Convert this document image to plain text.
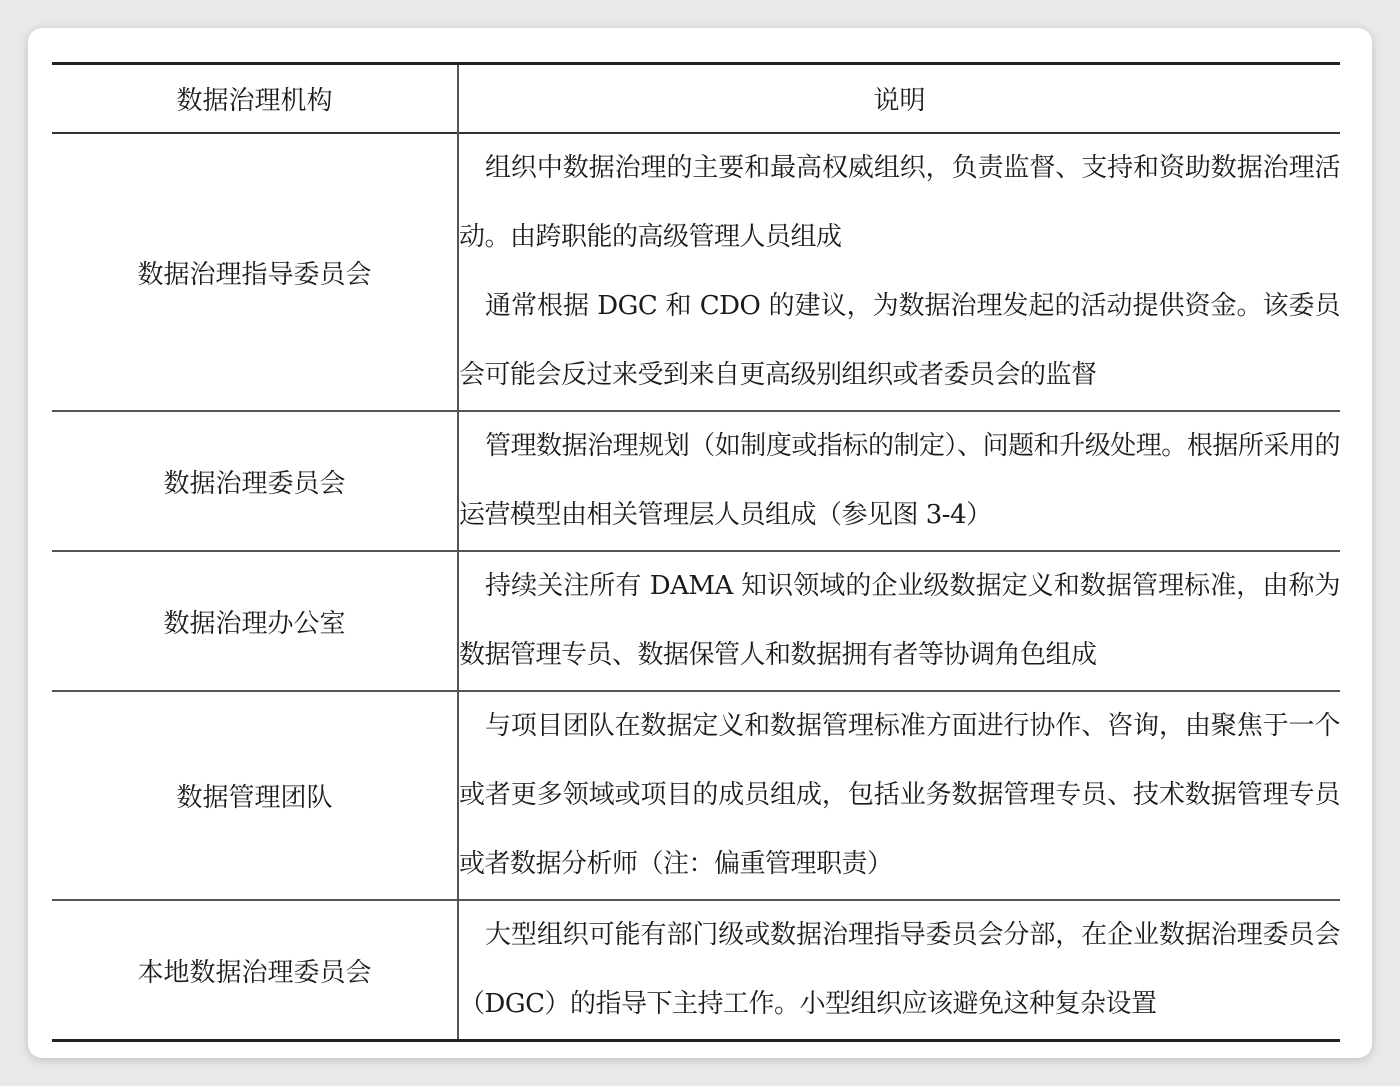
数据治理机构	说明
数据治理指导委员会	组织中数据治理的主要和最高权威组织，负责监督、支持和资助数据治理活动。由跨职能的高级管理人员组成

通常根据 DGC 和 CDO 的建议，为数据治理发起的活动提供资金。该委员会可能会反过来受到来自更高级别组织或者委员会的监督

数据治理委员会	管理数据治理规划（如制度或指标的制定）、问题和升级处理。根据所采用的运营模型由相关管理层人员组成（参见图 3-4）

数据治理办公室	持续关注所有 DAMA 知识领域的企业级数据定义和数据管理标准，由称为数据管理专员、数据保管人和数据拥有者等协调角色组成

数据管理团队	与项目团队在数据定义和数据管理标准方面进行协作、咨询，由聚焦于一个或者更多领域或项目的成员组成，包括业务数据管理专员、技术数据管理专员或者数据分析师（注：偏重管理职责）

本地数据治理委员会	大型组织可能有部门级或数据治理指导委员会分部，在企业数据治理委员会（DGC）的指导下主持工作。小型组织应该避免这种复杂设置
